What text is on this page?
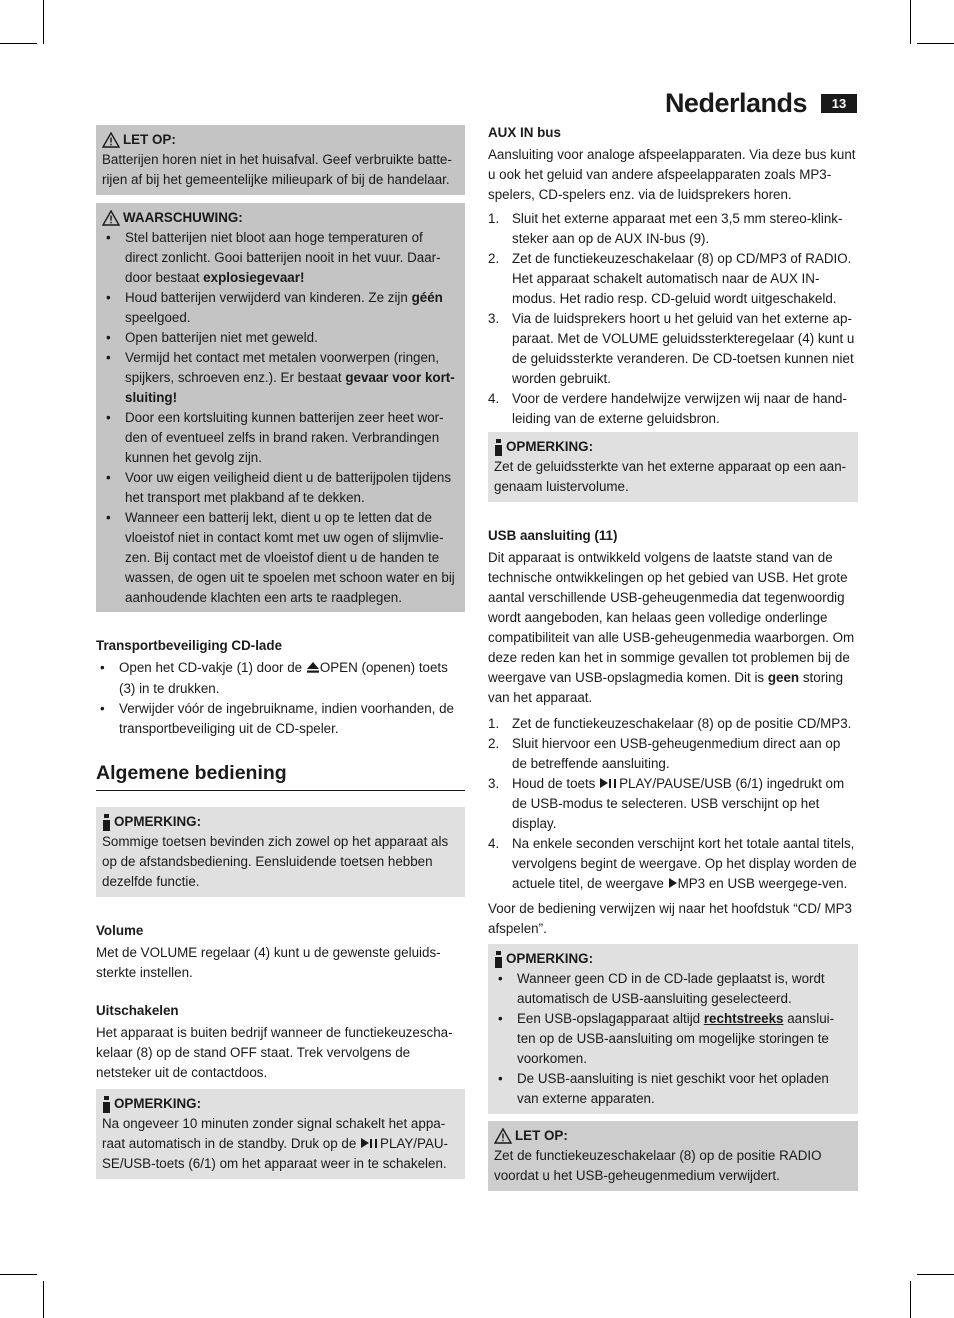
Nederlands	13
LET OP:

Batterijen horen niet in het huisafval. Geef verbruikte batte-rijen af bij het gemeentelijke milieupark of bij de handelaar.

WAARSCHUWING:
• Stel batterijen niet bloot aan hoge temperaturen of direct zonlicht. Gooi batterijen nooit in het vuur. Daar-door bestaat explosiegevaar!
• Houd batterijen verwijderd van kinderen. Ze zijn géén speelgoed.
• Open batterijen niet met geweld.
• Vermijd het contact met metalen voorwerpen (ringen, spijkers, schroeven enz.). Er bestaat gevaar voor kort-sluiting!
• Door een kortsluiting kunnen batterijen zeer heet wor-den of eventueel zelfs in brand raken. Verbrandingen kunnen het gevolg zijn.
• Voor uw eigen veiligheid dient u de batterijpolen tijdens het transport met plakband af te dekken.
• Wanneer een batterij lekt, dient u op te letten dat de vloeistof niet in contact komt met uw ogen of slijmvlie-zen. Bij contact met de vloeistof dient u de handen te wassen, de ogen uit te spoelen met schoon water en bij aanhoudende klachten een arts te raadplegen.
Transportbeveiliging CD-lade
• Open het CD-vakje (1) door de OPEN (openen) toets (3) in te drukken.
• Verwijder vóór de ingebruikname, indien voorhanden, de transportbeveiliging uit de CD-speler.
Algemene bediening
OPMERKING:

Sommige toetsen bevinden zich zowel op het apparaat als op de afstandsbediening. Eensluidende toetsen hebben dezelfde functie.

Volume

Met de VOLUME regelaar (4) kunt u de gewenste geluids-sterkte instellen.

Uitschakelen

Het apparaat is buiten bedrijf wanneer de functiekeuzescha-kelaar (8) op de stand OFF staat. Trek vervolgens de netsteker uit de contactdoos.

OPMERKING:

Na ongeveer 10 minuten zonder signal schakelt het appa-raat automatisch in de standby. Druk op de PLAY/PAU-SE/USB-toets (6/1) om het apparaat weer in te schakelen.

AUX IN bus

Aansluiting voor analoge afspeelapparaten. Via deze bus kunt u ook het geluid van andere afspeelapparaten zoals MP3-spelers, CD-spelers enz. via de luidsprekers horen.

1. Sluit het externe apparaat met een 3,5 mm stereo-klink-steker aan op de AUX IN-bus (9).
2. Zet de functiekeuzeschakelaar (8) op CD/MP3 of RADIO. Het apparaat schakelt automatisch naar de AUX IN-modus. Het radio resp. CD-geluid wordt uitgeschakeld.
3. Via de luidsprekers hoort u het geluid van het externe ap-paraat. Met de VOLUME geluidssterkteregelaar (4) kunt u de geluidssterkte veranderen. De CD-toetsen kunnen niet worden gebruikt.
4. Voor de verdere handelwijze verwijzen wij naar de hand-leiding van de externe geluidsbron.
OPMERKING:

Zet de geluidssterkte van het externe apparaat op een aan-genaam luistervolume.

USB aansluiting (11)

Dit apparaat is ontwikkeld volgens de laatste stand van de technische ontwikkelingen op het gebied van USB. Het grote aantal verschillende USB-geheugenmedia dat tegenwoordig wordt aangeboden, kan helaas geen volledige onderlinge compatibiliteit van alle USB-geheugenmedia waarborgen. Om deze reden kan het in sommige gevallen tot problemen bij de weergave van USB-opslagmedia komen. Dit is geen storing van het apparaat.

1. Zet de functiekeuzeschakelaar (8) op de positie CD/MP3.
2. Sluit hiervoor een USB-geheugenmedium direct aan op de betreffende aansluiting.
3. Houd de toets PLAY/PAUSE/USB (6/1) ingedrukt om de USB-modus te selecteren. USB verschijnt op het display.
4. Na enkele seconden verschijnt kort het totale aantal titels, vervolgens begint de weergave. Op het display worden de actuele titel, de weergave MP3 en USB weergege-ven.

Voor de bediening verwijzen wij naar het hoofdstuk “CD/ MP3 afspelen”.

OPMERKING:
• Wanneer geen CD in de CD-lade geplaatst is, wordt automatisch de USB-aansluiting geselecteerd.
• Een USB-opslagapparaat altijd rechtstreeks aanslui-ten op de USB-aansluiting om mogelijke storingen te voorkomen.
• De USB-aansluiting is niet geschikt voor het opladen van externe apparaten.
LET OP:

Zet de functiekeuzeschakelaar (8) op de positie RADIO voordat u het USB-geheugenmedium verwijdert.
